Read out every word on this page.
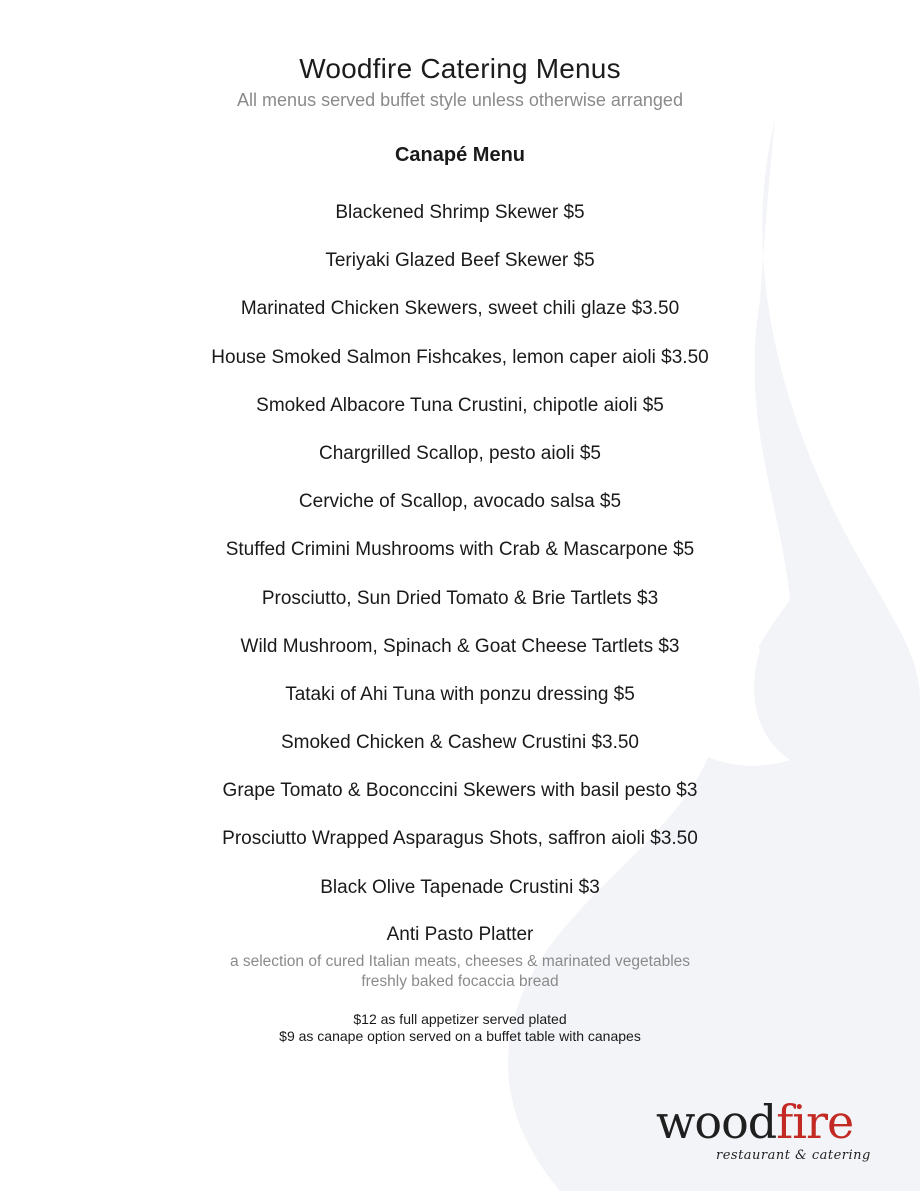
Woodfire Catering Menus
All menus served buffet style unless otherwise arranged
Canapé Menu
Blackened Shrimp Skewer $5
Teriyaki Glazed Beef Skewer $5
Marinated Chicken Skewers, sweet chili glaze $3.50
House Smoked Salmon Fishcakes, lemon caper aioli $3.50
Smoked Albacore Tuna Crustini, chipotle aioli $5
Chargrilled Scallop, pesto aioli $5
Cerviche of Scallop, avocado salsa $5
Stuffed Crimini Mushrooms with Crab & Mascarpone $5
Prosciutto, Sun Dried Tomato & Brie Tartlets $3
Wild Mushroom, Spinach & Goat Cheese Tartlets $3
Tataki of Ahi Tuna with ponzu dressing $5
Smoked Chicken & Cashew Crustini $3.50
Grape Tomato & Boconccini Skewers with basil pesto $3
Prosciutto Wrapped Asparagus Shots, saffron aioli $3.50
Black Olive Tapenade Crustini $3
Anti Pasto Platter
a selection of cured Italian meats, cheeses & marinated vegetables
freshly baked focaccia bread
$12 as full appetizer served plated
$9 as canape option served on a buffet table with canapes
woodfire
restaurant & catering
